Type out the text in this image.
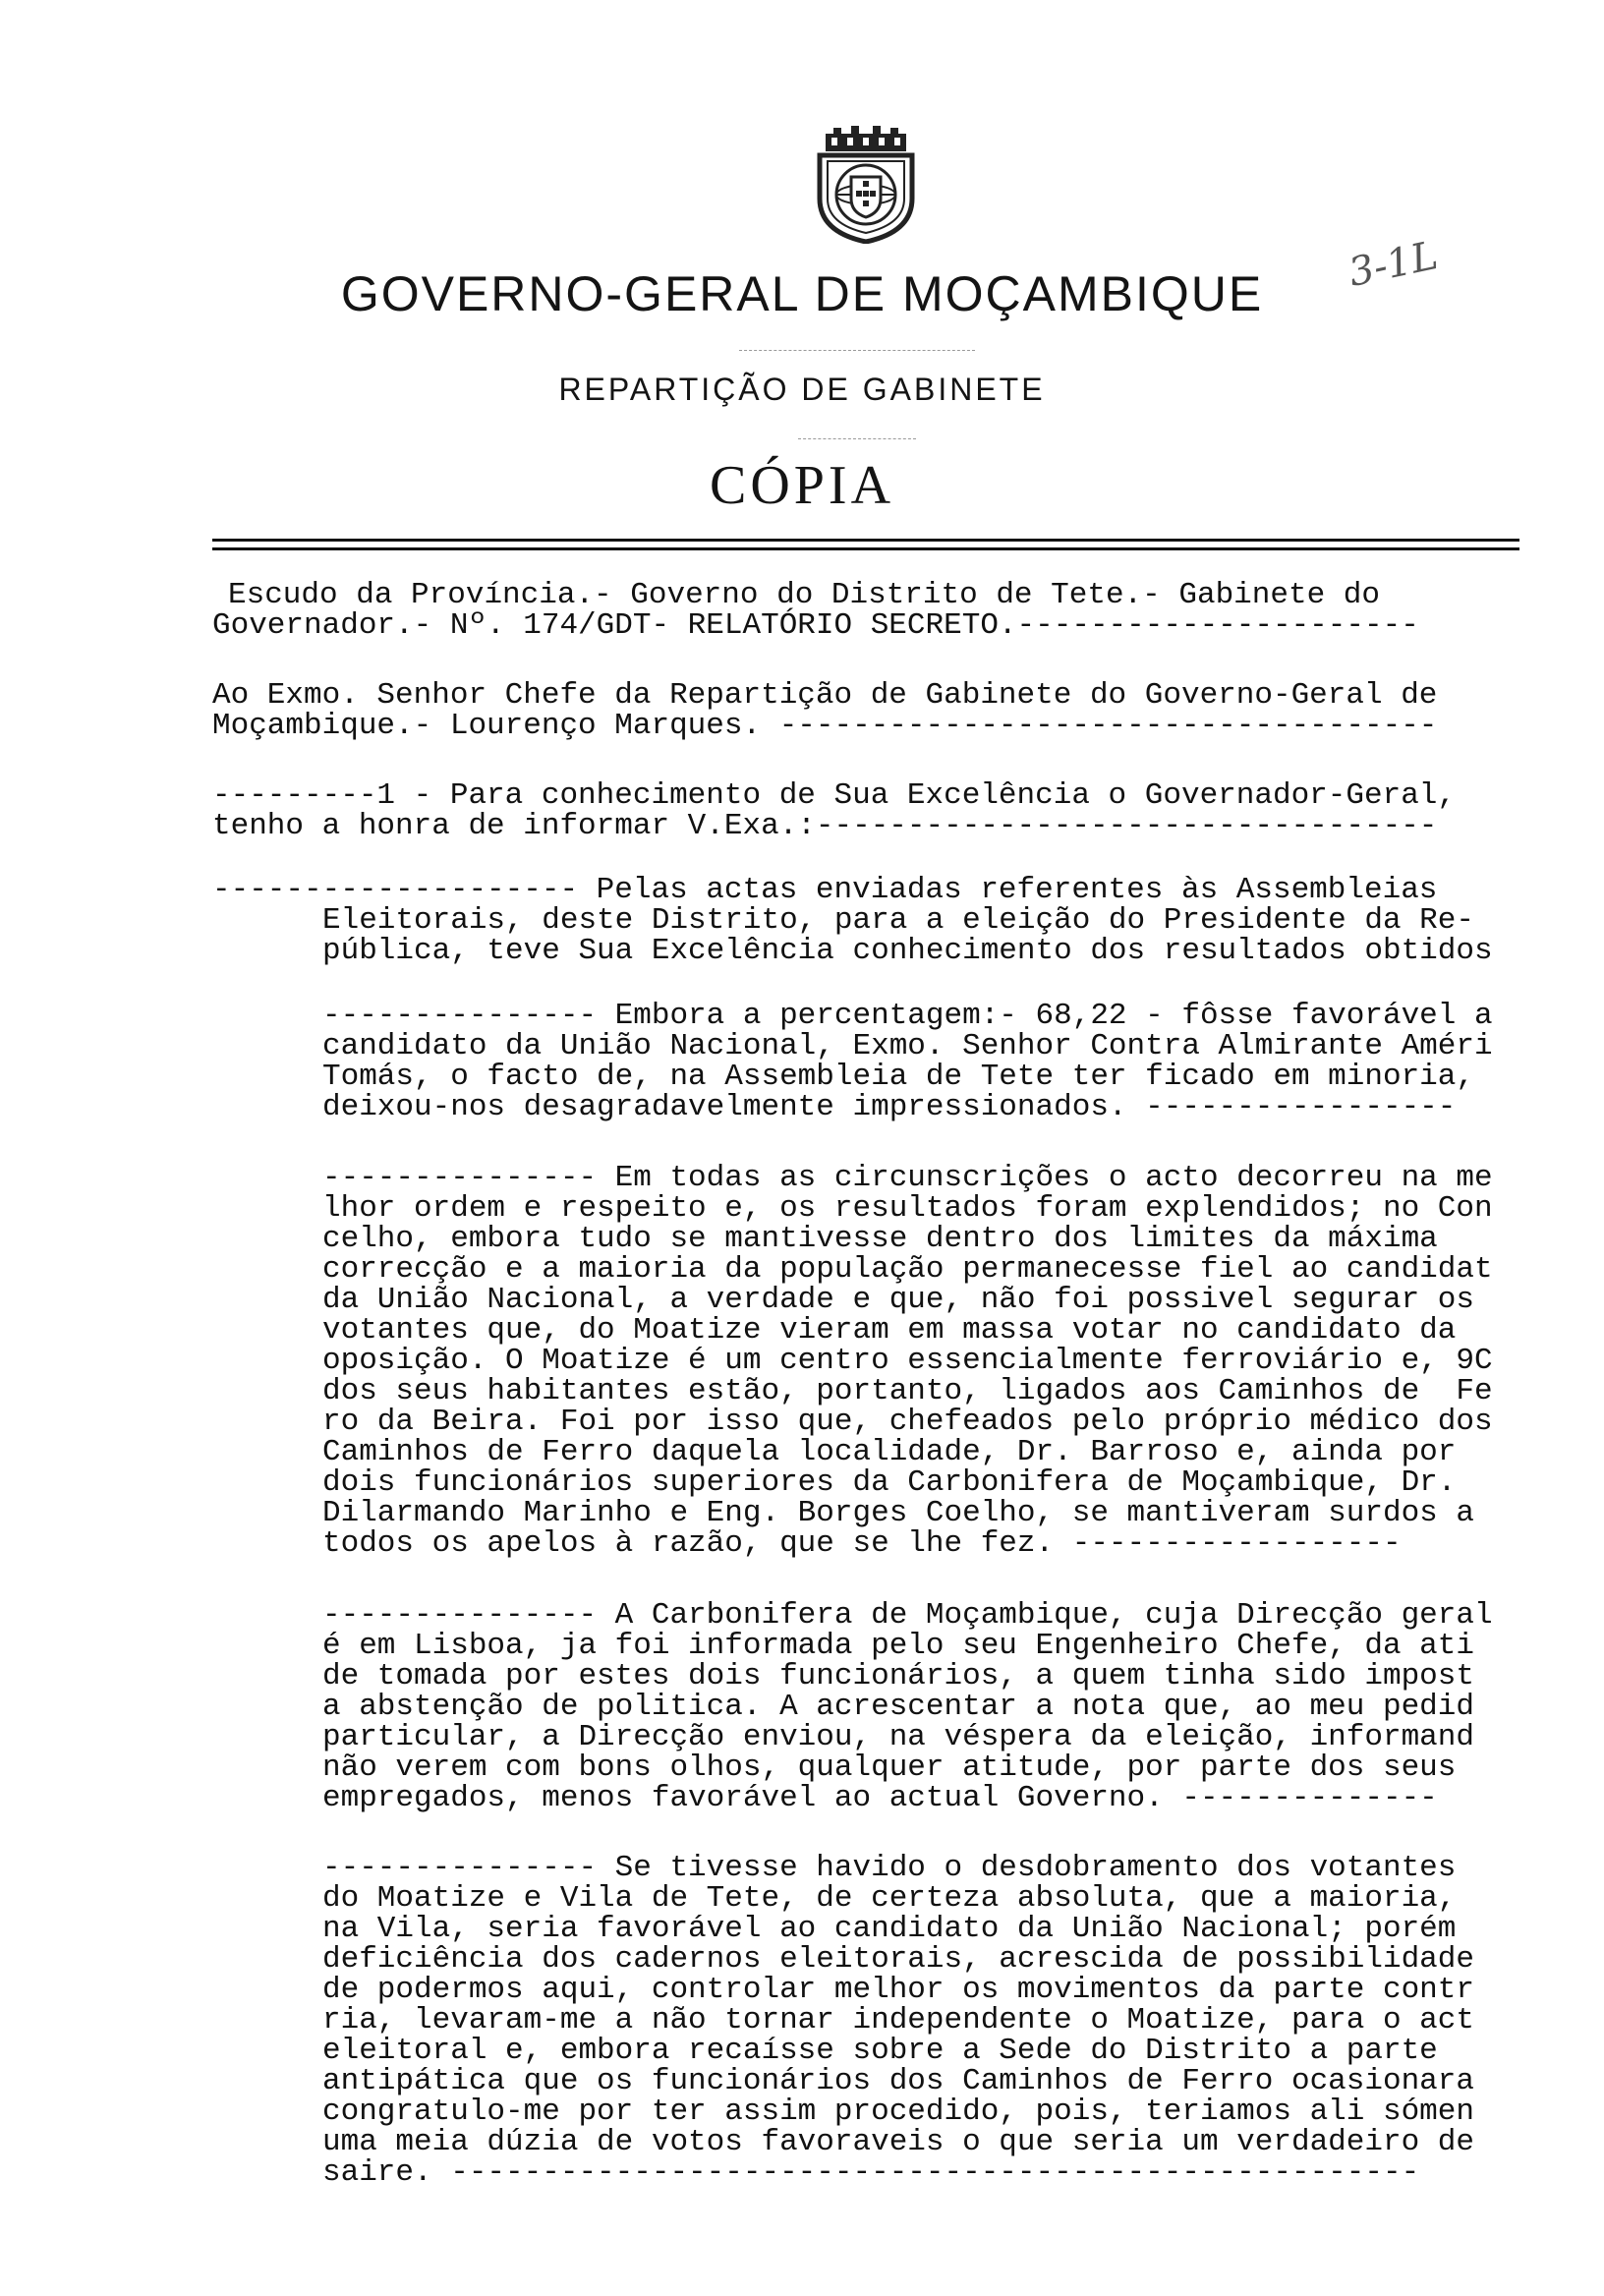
3-1L
GOVERNO-GERAL DE MOÇAMBIQUE
REPARTIÇÃO DE GABINETE
CÓPIA
Escudo da Província.- Governo do Distrito de Tete.- Gabinete do
Governador.- Nº. 174/GDT- RELATÓRIO SECRETO.----------------------
Ao Exmo. Senhor Chefe da Repartição de Gabinete do Governo-Geral de
Moçambique.- Lourenço Marques. ------------------------------------
---------1 - Para conhecimento de Sua Excelência o Governador-Geral,
tenho a honra de informar V.Exa.:----------------------------------
-------------------- Pelas actas enviadas referentes às Assembleias
Eleitorais, deste Distrito, para a eleição do Presidente da Re-
pública, teve Sua Excelência conhecimento dos resultados obtidos
--------------- Embora a percentagem:- 68,22 - fôsse favorável a
candidato da União Nacional, Exmo. Senhor Contra Almirante Améri
Tomás, o facto de, na Assembleia de Tete ter ficado em minoria,
deixou-nos desagradavelmente impressionados. -----------------
--------------- Em todas as circunscrições o acto decorreu na me
lhor ordem e respeito e, os resultados foram explendidos; no Con
celho, embora tudo se mantivesse dentro dos limites da máxima
correcção e a maioria da população permanecesse fiel ao candidat
da União Nacional, a verdade e que, não foi possivel segurar os
votantes que, do Moatize vieram em massa votar no candidato da
oposição. O Moatize é um centro essencialmente ferroviário e, 9C
dos seus habitantes estão, portanto, ligados aos Caminhos de  Fe
ro da Beira. Foi por isso que, chefeados pelo próprio médico dos
Caminhos de Ferro daquela localidade, Dr. Barroso e, ainda por
dois funcionários superiores da Carbonifera de Moçambique, Dr.
Dilarmando Marinho e Eng. Borges Coelho, se mantiveram surdos a
todos os apelos à razão, que se lhe fez. ------------------
--------------- A Carbonifera de Moçambique, cuja Direcção geral
é em Lisboa, ja foi informada pelo seu Engenheiro Chefe, da ati
de tomada por estes dois funcionários, a quem tinha sido impost
a abstenção de politica. A acrescentar a nota que, ao meu pedid
particular, a Direcção enviou, na véspera da eleição, informand
não verem com bons olhos, qualquer atitude, por parte dos seus
empregados, menos favorável ao actual Governo. --------------
--------------- Se tivesse havido o desdobramento dos votantes
do Moatize e Vila de Tete, de certeza absoluta, que a maioria,
na Vila, seria favorável ao candidato da União Nacional; porém
deficiência dos cadernos eleitorais, acrescida de possibilidade
de podermos aqui, controlar melhor os movimentos da parte contr
ria, levaram-me a não tornar independente o Moatize, para o act
eleitoral e, embora recaísse sobre a Sede do Distrito a parte
antipática que os funcionários dos Caminhos de Ferro ocasionara
congratulo-me por ter assim procedido, pois, teriamos ali sómen
uma meia dúzia de votos favoraveis o que seria um verdadeiro de
saire. -----------------------------------------------------
